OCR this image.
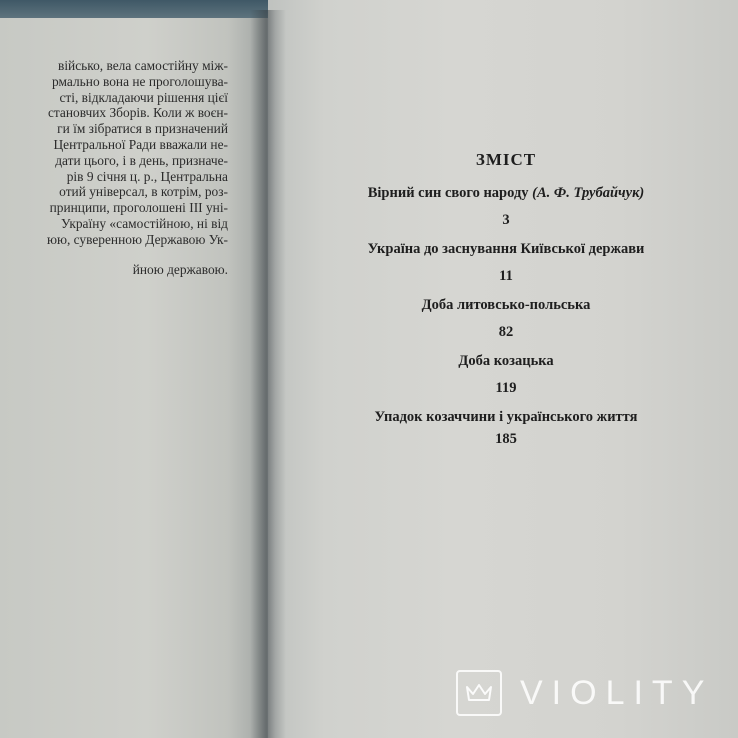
військо, вела самостійну між-
рмально вона не проголошува-
сті, відкладаючи рішення цієї
становчих Зборів. Коли ж воєн-
ги їм зібратися в призначений
Центральної Ради вважали не-
дати цього, і в день, призначе-
рів 9 січня ц. р., Центральна
отий універсал, в котрім, роз-
принципи, проголошені III уні-
Україну «самостійною, ні від
юю, суверенною Державою Ук-
йною державою.
ЗМІСТ
Вірний син свого народу (А. Ф. Трубайчук)
3
Україна до заснування Київської держави
11
Доба литовсько-польська
82
Доба козацька
119
Упадок козаччини і українського життя
185
VIOLITY
